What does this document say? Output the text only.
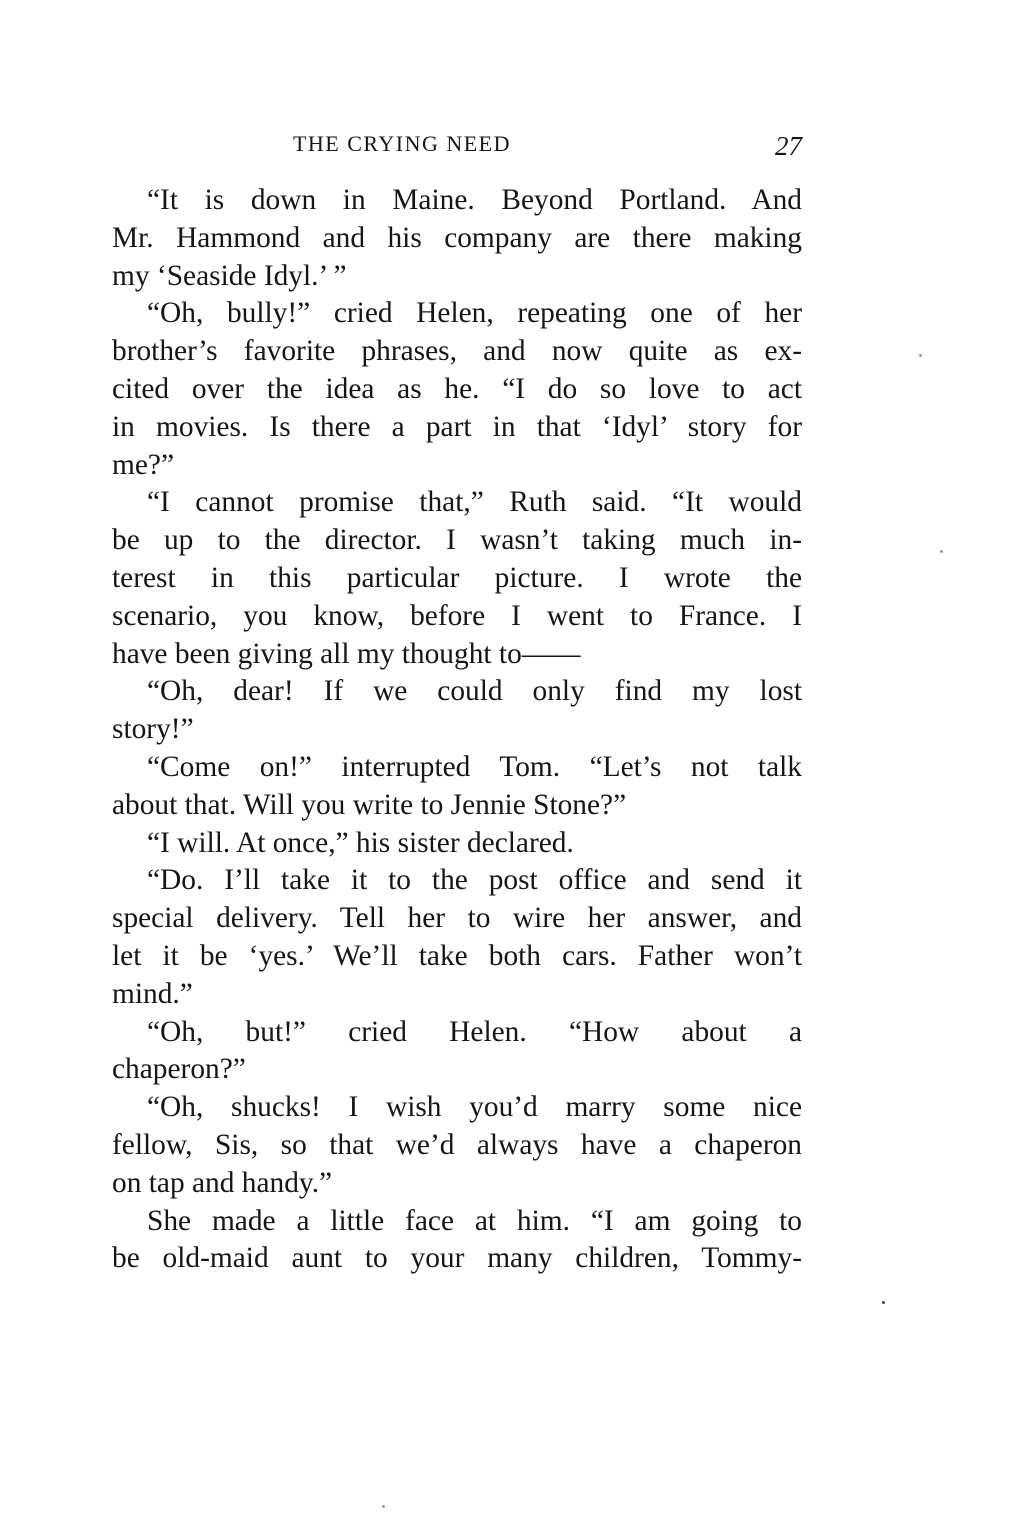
THE CRYING NEED	27
“It is down in Maine. Beyond Portland. And
Mr. Hammond and his company are there making
my ‘Seaside Idyl.’ ”
“Oh, bully!” cried Helen, repeating one of her
brother’s favorite phrases, and now quite as ex-
cited over the idea as he. “I do so love to act
in movies. Is there a part in that ‘Idyl’ story for
me?”
“I cannot promise that,” Ruth said. “It would
be up to the director. I wasn’t taking much in-
terest in this particular picture. I wrote the
scenario, you know, before I went to France. I
have been giving all my thought to——
“Oh, dear! If we could only find my lost
story!”
“Come on!” interrupted Tom. “Let’s not talk
about that. Will you write to Jennie Stone?”
“I will. At once,” his sister declared.
“Do. I’ll take it to the post office and send it
special delivery. Tell her to wire her answer, and
let it be ‘yes.’ We’ll take both cars. Father won’t
mind.”
“Oh, but!” cried Helen. “How about a
chaperon?”
“Oh, shucks! I wish you’d marry some nice
fellow, Sis, so that we’d always have a chaperon
on tap and handy.”
She made a little face at him. “I am going to
be old-maid aunt to your many children, Tommy-
